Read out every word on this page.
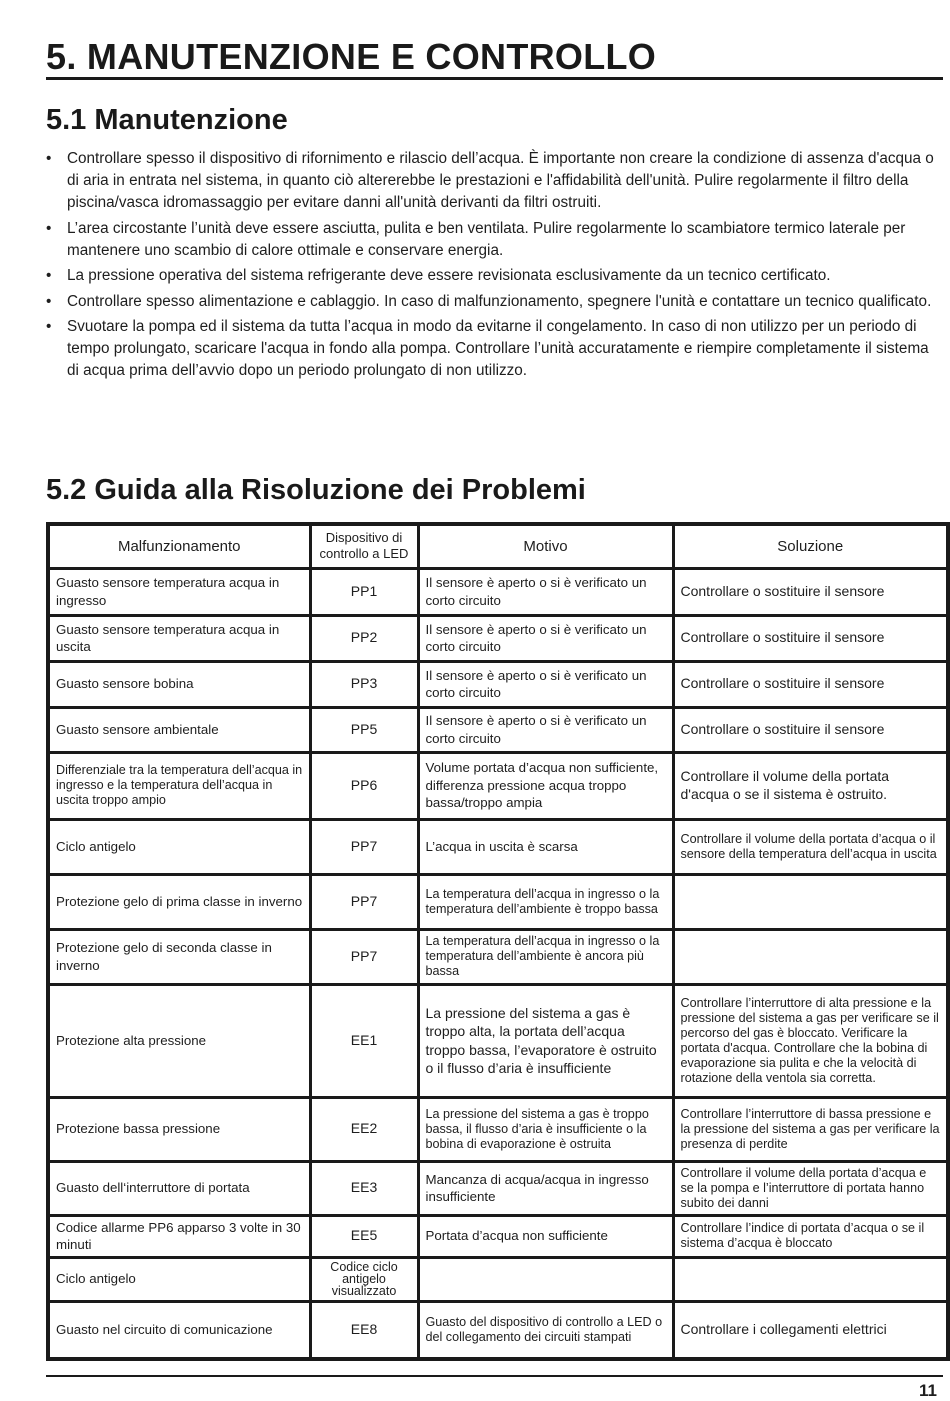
5. MANUTENZIONE E CONTROLLO
5.1 Manutenzione
• Controllare spesso il dispositivo di rifornimento e rilascio dell’acqua. È importante non creare la condizione di assenza d'acqua o di aria in entrata nel sistema, in quanto ciò altererebbe le prestazioni e l'affidabilità dell'unità. Pulire regolarmente il filtro della piscina/vasca idromassaggio per evitare danni all'unità derivanti da filtri ostruiti.
• L’area circostante l’unità deve essere asciutta, pulita e ben ventilata. Pulire regolarmente lo scambiatore termico laterale per mantenere uno scambio di calore ottimale e conservare energia.
• La pressione operativa del sistema refrigerante deve essere revisionata esclusivamente da un tecnico certificato.
• Controllare spesso alimentazione e cablaggio. In caso di malfunzionamento, spegnere l'unità e contattare un tecnico qualificato.
• Svuotare la pompa ed il sistema da tutta l’acqua in modo da evitarne il congelamento. In caso di non utilizzo per un periodo di tempo prolungato, scaricare l'acqua in fondo alla pompa. Controllare l’unità accuratamente e riempire completamente il sistema di acqua prima dell’avvio dopo un periodo prolungato di non utilizzo.
5.2 Guida alla Risoluzione dei Problemi
Malfunzionamento	Dispositivo di controllo a LED	Motivo	Soluzione
Guasto sensore temperatura acqua in ingresso	PP1	Il sensore è aperto o si è verificato un corto circuito	Controllare o sostituire il sensore
Guasto sensore temperatura acqua in uscita	PP2	Il sensore è aperto o si è verificato un corto circuito	Controllare o sostituire il sensore
Guasto sensore bobina	PP3	Il sensore è aperto o si è verificato un corto circuito	Controllare o sostituire il sensore
Guasto sensore ambientale	PP5	Il sensore è aperto o si è verificato un corto circuito	Controllare o sostituire il sensore
Differenziale tra la temperatura dell’acqua in ingresso e la temperatura dell’acqua in uscita troppo ampio	PP6	Volume portata d’acqua non sufficiente, differenza pressione acqua troppo bassa/troppo ampia	Controllare il volume della portata d'acqua o se il sistema è ostruito.
Ciclo antigelo	PP7	L’acqua in uscita è scarsa	Controllare il volume della portata d’acqua o il sensore della temperatura dell’acqua in uscita
Protezione gelo di prima classe in inverno	PP7	La temperatura dell’acqua in ingresso o la temperatura dell’ambiente è troppo bassa	
Protezione gelo di seconda classe in inverno	PP7	La temperatura dell’acqua in ingresso o la temperatura dell’ambiente è ancora più bassa	
Protezione alta pressione	EE1	La pressione del sistema a gas è troppo alta, la portata dell’acqua troppo bassa, l’evaporatore è ostruito o il flusso d’aria è insufficiente	Controllare l’interruttore di alta pressione e la pressione del sistema a gas per verificare se il percorso del gas è bloccato. Verificare la portata d'acqua. Controllare che la bobina di evaporazione sia pulita e che la velocità di rotazione della ventola sia corretta.
Protezione bassa pressione	EE2	La pressione del sistema a gas è troppo bassa, il flusso d’aria è insufficiente o la bobina di evaporazione è ostruita	Controllare l’interruttore di bassa pressione e la pressione del sistema a gas per verificare la presenza di perdite
Guasto dell‘interruttore di portata	EE3	Mancanza di acqua/acqua in ingresso insufficiente	Controllare il volume della portata d’acqua e se la pompa e l’interruttore di portata hanno subito dei danni
Codice allarme PP6 apparso 3 volte in 30 minuti	EE5	Portata d’acqua non sufficiente	Controllare l’indice di portata d’acqua o se il sistema d’acqua è bloccato
Ciclo antigelo	Codice ciclo antigelo visualizzato		
Guasto nel circuito di comunicazione	EE8	Guasto del dispositivo di controllo a LED o del collegamento dei circuiti stampati	Controllare i collegamenti elettrici
11
